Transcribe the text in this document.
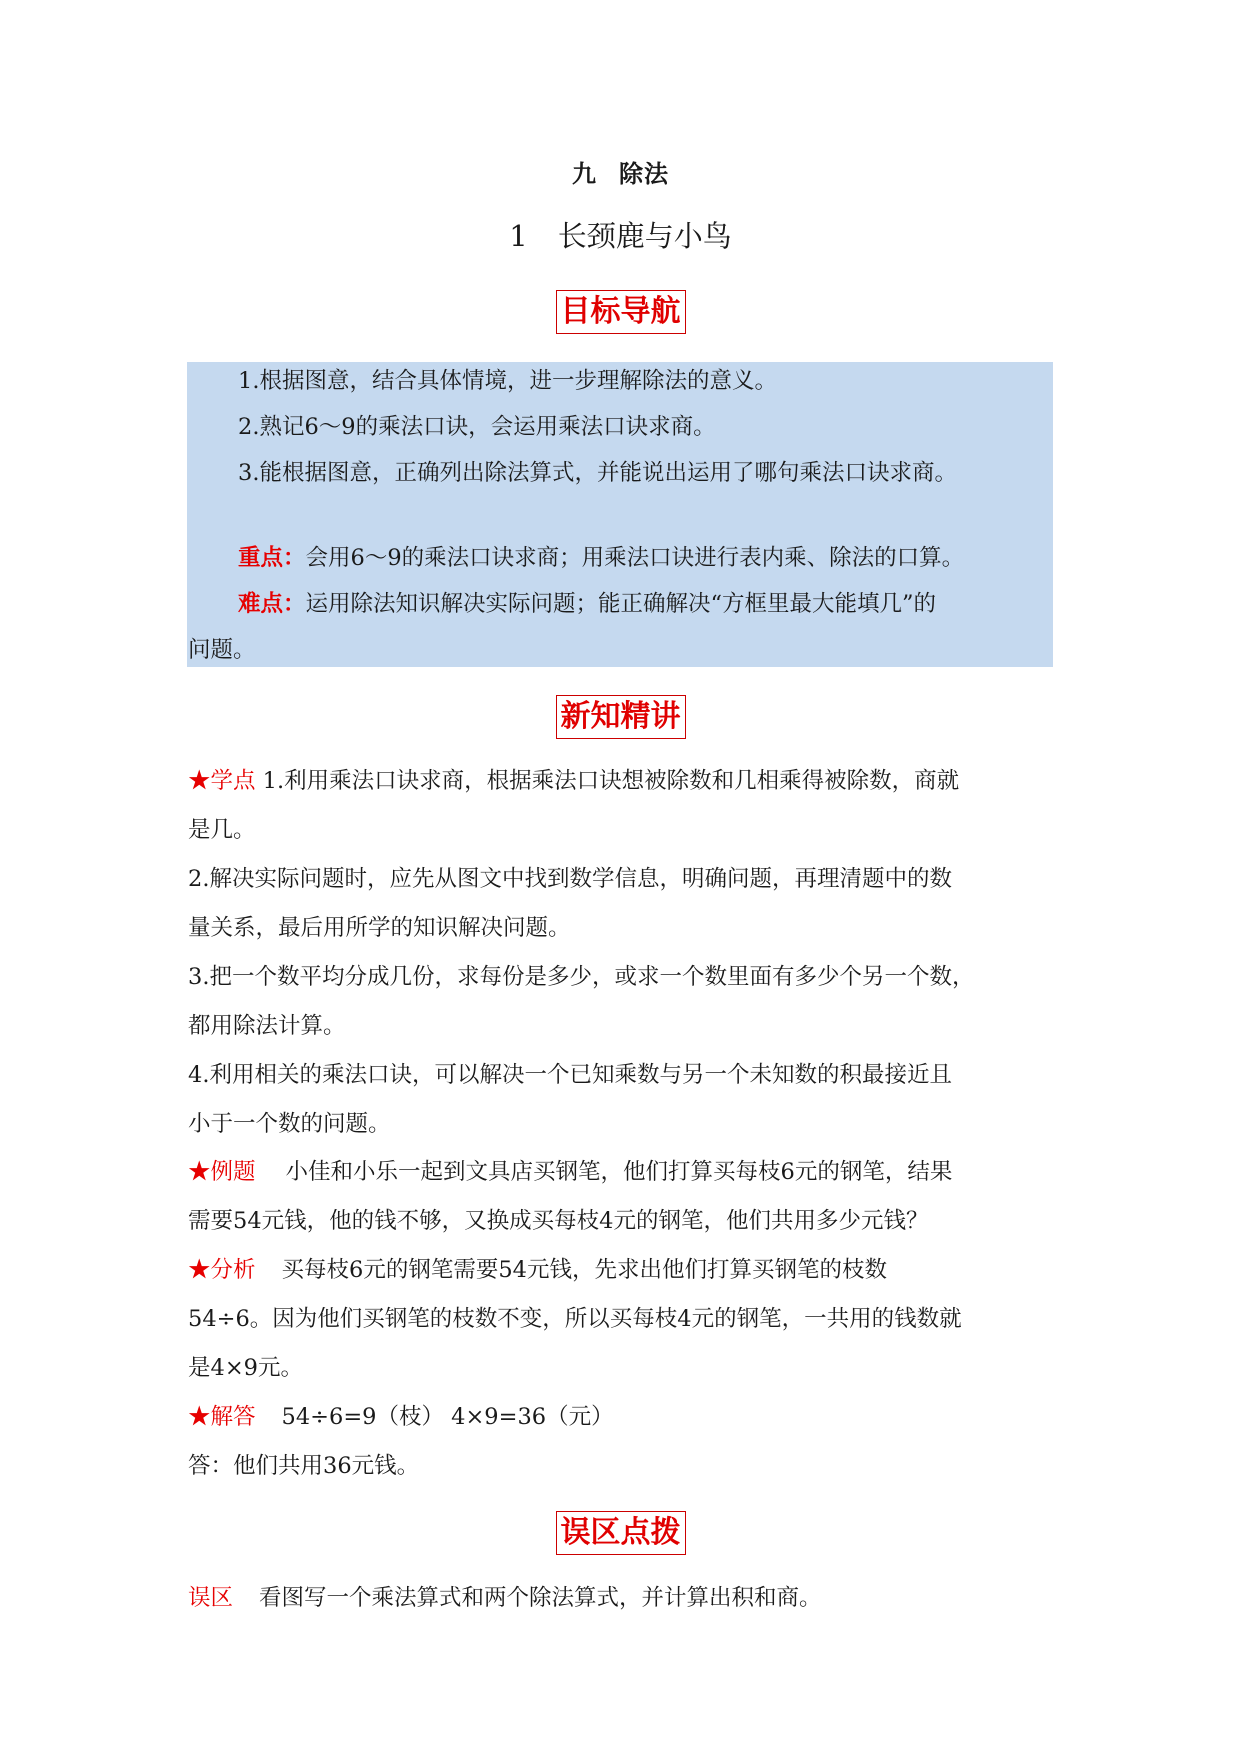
九 除法
1 长颈鹿与小鸟
目标导航
1.根据图意，结合具体情境，进一步理解除法的意义。
2.熟记6～9的乘法口诀，会运用乘法口诀求商。
3.能根据图意，正确列出除法算式，并能说出运用了哪句乘法口诀求商。
重点：会用6～9的乘法口诀求商；用乘法口诀进行表内乘、除法的口算。
难点：运用除法知识解决实际问题；能正确解决“方框里最大能填几”的
问题。
新知精讲
★学点 1.利用乘法口诀求商，根据乘法口诀想被除数和几相乘得被除数，商就
是几。
2.解决实际问题时，应先从图文中找到数学信息，明确问题，再理清题中的数
量关系，最后用所学的知识解决问题。
3.把一个数平均分成几份，求每份是多少，或求一个数里面有多少个另一个数，
都用除法计算。
4.利用相关的乘法口诀，可以解决一个已知乘数与另一个未知数的积最接近且
小于一个数的问题。
★例题 小佳和小乐一起到文具店买钢笔，他们打算买每枝6元的钢笔，结果
需要54元钱，他的钱不够，又换成买每枝4元的钢笔，他们共用多少元钱？
★分析 买每枝6元的钢笔需要54元钱，先求出他们打算买钢笔的枝数
54÷6。因为他们买钢笔的枝数不变，所以买每枝4元的钢笔，一共用的钱数就
是4×9元。
★解答 54÷6=9（枝） 4×9=36（元）
答：他们共用36元钱。
误区点拨
误区 看图写一个乘法算式和两个除法算式，并计算出积和商。
